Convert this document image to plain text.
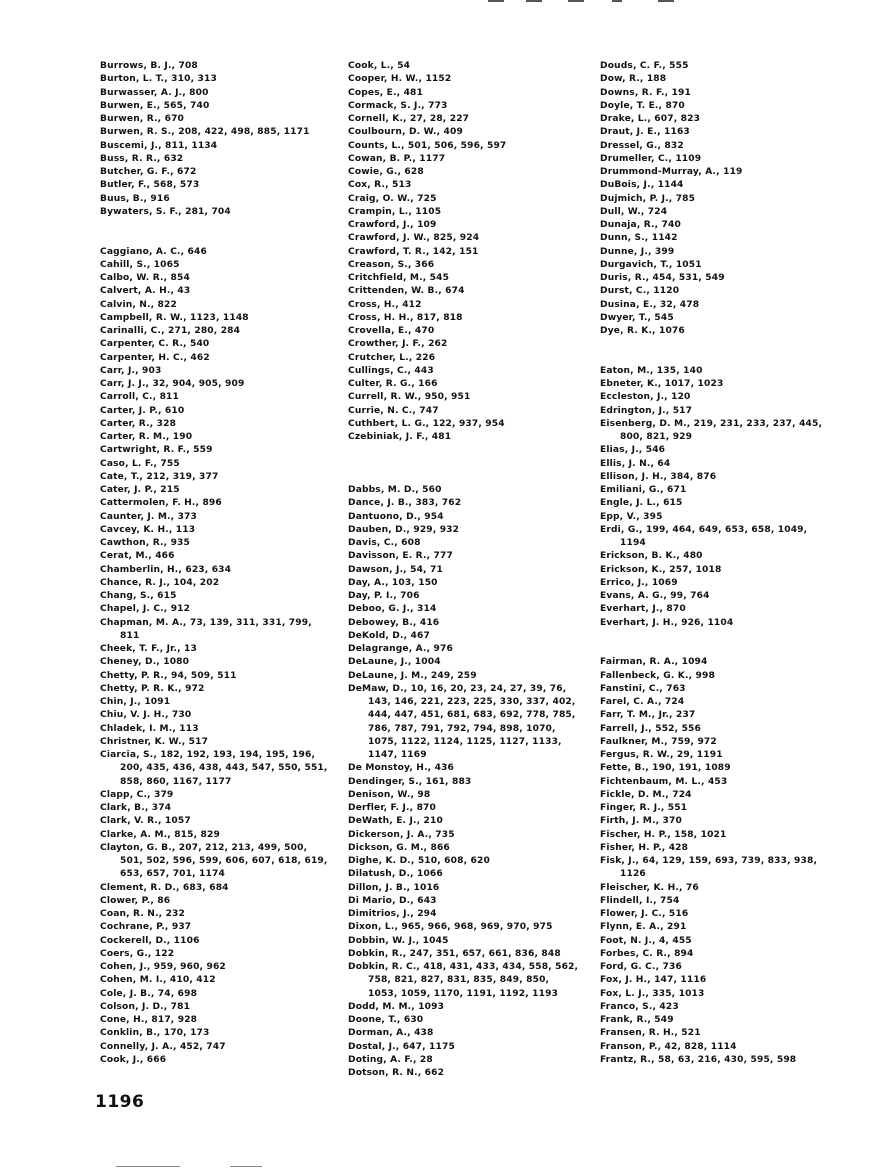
Burrows, B. J., 708
Burton, L. T., 310, 313
Burwasser, A. J., 800
Burwen, E., 565, 740
Burwen, R., 670
Burwen, R. S., 208, 422, 498, 885, 1171
Buscemi, J., 811, 1134
Buss, R. R., 632
Butcher, G. F., 672
Butler, F., 568, 573
Buus, B., 916
Bywaters, S. F., 281, 704
Caggiano, A. C., 646
Cahill, S., 1065
Calbo, W. R., 854
Calvert, A. H., 43
Calvin, N., 822
Campbell, R. W., 1123, 1148
Carinalli, C., 271, 280, 284
Carpenter, C. R., 540
Carpenter, H. C., 462
Carr, J., 903
Carr, J. J., 32, 904, 905, 909
Carroll, C., 811
Carter, J. P., 610
Carter, R., 328
Carter, R. M., 190
Cartwright, R. F., 559
Caso, L. F., 755
Cate, T., 212, 319, 377
Cater, J. P., 215
Cattermolen, F. H., 896
Caunter, J. M., 373
Cavcey, K. H., 113
Cawthon, R., 935
Cerat, M., 466
Chamberlin, H., 623, 634
Chance, R. J., 104, 202
Chang, S., 615
Chapel, J. C., 912
Chapman, M. A., 73, 139, 311, 331, 799,
811
Cheek, T. F., Jr., 13
Cheney, D., 1080
Chetty, P. R., 94, 509, 511
Chetty, P. R. K., 972
Chin, J., 1091
Chiu, V. J. H., 730
Chladek, I. M., 113
Christner, K. W., 517
Ciarcia, S., 182, 192, 193, 194, 195, 196,
200, 435, 436, 438, 443, 547, 550, 551,
858, 860, 1167, 1177
Clapp, C., 379
Clark, B., 374
Clark, V. R., 1057
Clarke, A. M., 815, 829
Clayton, G. B., 207, 212, 213, 499, 500,
501, 502, 596, 599, 606, 607, 618, 619,
653, 657, 701, 1174
Clement, R. D., 683, 684
Clower, P., 86
Coan, R. N., 232
Cochrane, P., 937
Cockerell, D., 1106
Coers, G., 122
Cohen, J., 959, 960, 962
Cohen, M. I., 410, 412
Cole, J. B., 74, 698
Colson, J. D., 781
Cone, H., 817, 928
Conklin, B., 170, 173
Connelly, J. A., 452, 747
Cook, J., 666
Cook, L., 54
Cooper, H. W., 1152
Copes, E., 481
Cormack, S. J., 773
Cornell, K., 27, 28, 227
Coulbourn, D. W., 409
Counts, L., 501, 506, 596, 597
Cowan, B. P., 1177
Cowie, G., 628
Cox, R., 513
Craig, O. W., 725
Crampin, L., 1105
Crawford, J., 109
Crawford, J. W., 825, 924
Crawford, T. R., 142, 151
Creason, S., 366
Critchfield, M., 545
Crittenden, W. B., 674
Cross, H., 412
Cross, H. H., 817, 818
Crovella, E., 470
Crowther, J. F., 262
Crutcher, L., 226
Cullings, C., 443
Culter, R. G., 166
Currell, R. W., 950, 951
Currie, N. C., 747
Cuthbert, L. G., 122, 937, 954
Czebiniak, J. F., 481
Dabbs, M. D., 560
Dance, J. B., 383, 762
Dantuono, D., 954
Dauben, D., 929, 932
Davis, C., 608
Davisson, E. R., 777
Dawson, J., 54, 71
Day, A., 103, 150
Day, P. I., 706
Deboo, G. J., 314
Debowey, B., 416
DeKold, D., 467
Delagrange, A., 976
DeLaune, J., 1004
DeLaune, J. M., 249, 259
DeMaw, D., 10, 16, 20, 23, 24, 27, 39, 76,
143, 146, 221, 223, 225, 330, 337, 402,
444, 447, 451, 681, 683, 692, 778, 785,
786, 787, 791, 792, 794, 898, 1070,
1075, 1122, 1124, 1125, 1127, 1133,
1147, 1169
De Monstoy, H., 436
Dendinger, S., 161, 883
Denison, W., 98
Derfler, F. J., 870
DeWath, E. J., 210
Dickerson, J. A., 735
Dickson, G. M., 866
Dighe, K. D., 510, 608, 620
Dilatush, D., 1066
Dillon, J. B., 1016
Di Mario, D., 643
Dimitrios, J., 294
Dixon, L., 965, 966, 968, 969, 970, 975
Dobbin, W. J., 1045
Dobkin, R., 247, 351, 657, 661, 836, 848
Dobkin, R. C., 418, 431, 433, 434, 558, 562,
758, 821, 827, 831, 835, 849, 850,
1053, 1059, 1170, 1191, 1192, 1193
Dodd, M. M., 1093
Doone, T., 630
Dorman, A., 438
Dostal, J., 647, 1175
Doting, A. F., 28
Dotson, R. N., 662
Douds, C. F., 555
Dow, R., 188
Downs, R. F., 191
Doyle, T. E., 870
Drake, L., 607, 823
Draut, J. E., 1163
Dressel, G., 832
Drumeller, C., 1109
Drummond-Murray, A., 119
DuBois, J., 1144
Dujmich, P. J., 785
Dull, W., 724
Dunaja, R., 740
Dunn, S., 1142
Dunne, J., 399
Durgavich, T., 1051
Duris, R., 454, 531, 549
Durst, C., 1120
Dusina, E., 32, 478
Dwyer, T., 545
Dye, R. K., 1076
Eaton, M., 135, 140
Ebneter, K., 1017, 1023
Eccleston, J., 120
Edrington, J., 517
Eisenberg, D. M., 219, 231, 233, 237, 445,
800, 821, 929
Elias, J., 546
Ellis, J. N., 64
Ellison, J. H., 384, 876
Emiliani, G., 671
Engle, J. L., 615
Epp, V., 395
Erdi, G., 199, 464, 649, 653, 658, 1049,
1194
Erickson, B. K., 480
Erickson, K., 257, 1018
Errico, J., 1069
Evans, A. G., 99, 764
Everhart, J., 870
Everhart, J. H., 926, 1104
Fairman, R. A., 1094
Fallenbeck, G. K., 998
Fanstini, C., 763
Farel, C. A., 724
Farr, T. M., Jr., 237
Farrell, J., 552, 556
Faulkner, M., 759, 972
Fergus, R. W., 29, 1191
Fette, B., 190, 191, 1089
Fichtenbaum, M. L., 453
Fickle, D. M., 724
Finger, R. J., 551
Firth, J. M., 370
Fischer, H. P., 158, 1021
Fisher, H. P., 428
Fisk, J., 64, 129, 159, 693, 739, 833, 938,
1126
Fleischer, K. H., 76
Flindell, I., 754
Flower, J. C., 516
Flynn, E. A., 291
Foot, N. J., 4, 455
Forbes, C. R., 894
Ford, G. C., 736
Fox, J. H., 147, 1116
Fox, L. J., 335, 1013
Franco, S., 423
Frank, R., 549
Fransen, R. H., 521
Franson, P., 42, 828, 1114
Frantz, R., 58, 63, 216, 430, 595, 598
1196
